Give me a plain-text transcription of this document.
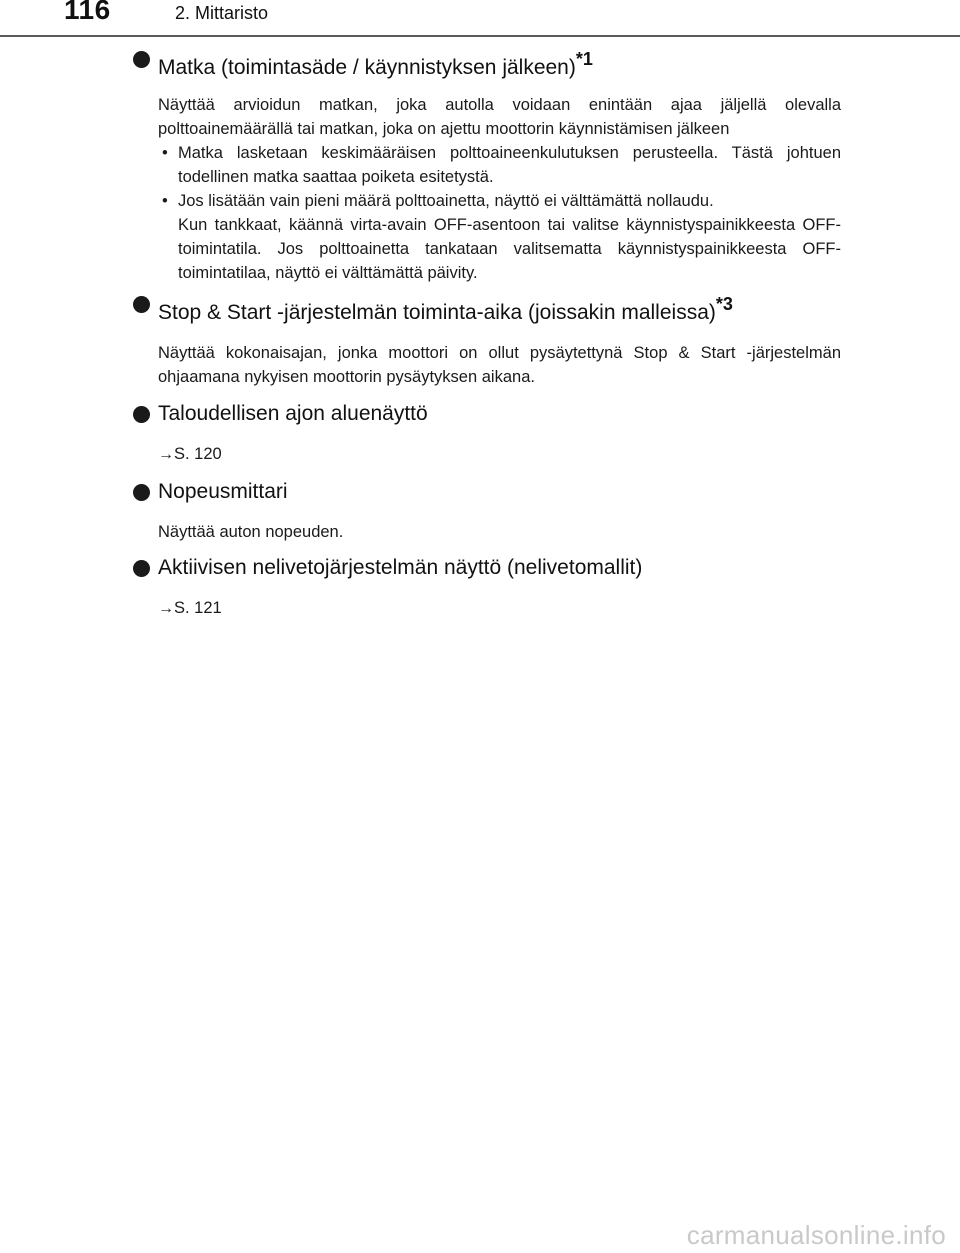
116	2. Mittaristo
Matka (toimintasäde / käynnistyksen jälkeen)$^{*1}$

Näyttää arvioidun matkan, joka autolla voidaan enintään ajaa jäljellä olevalla polttoainemäärällä tai matkan, joka on ajettu moottorin käynnistämisen jälkeen

• Matka lasketaan keskimääräisen polttoaineenkulutuksen perusteella. Tästä johtuen todellinen matka saattaa poiketa esitetystä.
• Jos lisätään vain pieni määrä polttoainetta, näyttö ei välttämättä nollaudu.
Kun tankkaat, käännä virta-avain OFF-asentoon tai valitse käynnistyspainikkeesta OFF-toimintatila. Jos polttoainetta tankataan valitsematta käynnistyspainikkeesta OFF-toimintatilaa, näyttö ei välttämättä päivity.
Stop & Start -järjestelmän toiminta-aika (joissakin malleissa)$^{*3}$

Näyttää kokonaisajan, jonka moottori on ollut pysäytettynä Stop & Start -järjestelmän ohjaamana nykyisen moottorin pysäytyksen aikana.

Taloudellisen ajon aluenäyttö

→S. 120

Nopeusmittari

Näyttää auton nopeuden.

Aktiivisen nelivetojärjestelmän näyttö (nelivetomallit)

→S. 121

carmanualsonline.info
